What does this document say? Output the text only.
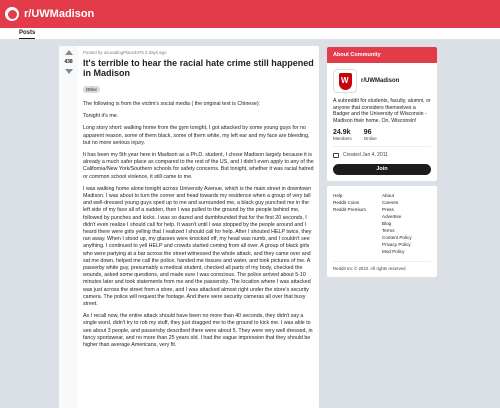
r/UWMadison
Posts
438
Posted by u/LeadingPlace3476 3 days ago
It's terrible to hear the racial hate crime still happened in Madison
Other

The following is from the victim's social media ( the original text is Chinese):

Tonight it's me.

Long story short: walking home from the gym tonight, I got attacked by some young guys for no apparent reason, some of them black, some of them white, my left ear and my face are bleeding, but no more serious injury.

It has been my 5th year here in Madison as a Ph.D. student, I chose Madison largely because it is already a much safer place as compared to the rest of the US, and I didn't even apply to any of the California/New York/Southern schools for safety concerns. But tonight, whether it was racial hatred or common school violence, it still came to me.

I was walking home alone tonight across University Avenue, which is the main street in downtown Madison. I was about to turn the corner and head towards my residence when a group of very tall and well-dressed young guys sped up to me and surrounded me, a black guy punched me in the left side of my face all of a sudden, then I was pulled to the ground by the people behind me, followed by punches and kicks. I was so dazed and dumbfounded that for the first 20 seconds, I didn't even realize I should call for help. It wasn't until I was stopped by the people around and I heard there were girls yelling that I realized I should call for help. After I shouted HELP twice, they ran away. When I stood up, my glasses were knocked off, my head was numb, and I couldn't see anything. I continued to yell HELP and crowds started coming from all over. A group of black girls who were partying at a bar across the street witnessed the whole attack, and they came over and sat me down, helped me call the police, handed me tissues and water, and took pictures of me. A passerby white guy, presumably a medical student, checked all parts of my body, checked the wounds, asked some questions, and made sure I was conscious. The police arrived about 5-10 minutes later and took statements from me and the passersby. The location where I was attacked was just across the street from a store, and I was attacked almost right under the store's security camera. The police will request the footage. And there were security cameras all over that busy street.

As I recall now, the entire attack should have been no more than 40 seconds, they didn't say a single word, didn't try to rob my stuff, they just dragged me to the ground to kick me. I was able to see about 3 people, and passersby described there were about 5. They were very well dressed, in fancy sportswear, and no more than 25 years old. I had the vague impression that they should be higher than average Americans, very fit.

About Community
W
r/UWMadison
A subreddit for students, faculty, alumni, or anyone that considers themselves a Badger and the University of Wisconsin - Madison their home. On, Wisconsin!
24.9k
Members
96
Online
Created Jan 4, 2011
Join
Help
Reddit Coins
Reddit Premium
About
Careers
Press
Advertise
Blog
Terms
Content Policy
Privacy Policy
Mod Policy
Reddit Inc © 2022. All rights reserved
